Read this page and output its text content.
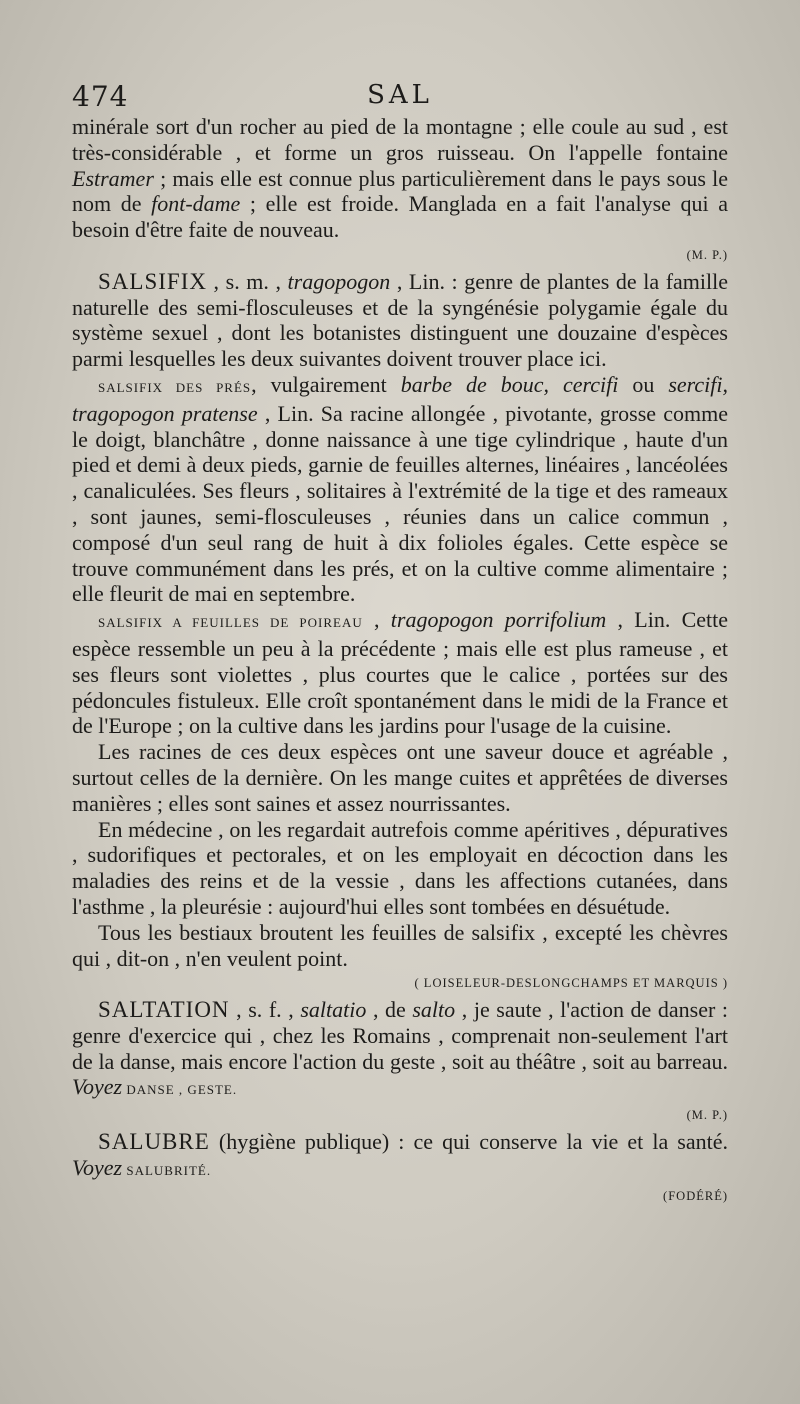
474	SAL

minérale sort d'un rocher au pied de la montagne ; elle coule au sud , est très-considérable , et forme un gros ruisseau. On l'appelle fontaine Estramer ; mais elle est connue plus particulièrement dans le pays sous le nom de font-dame ; elle est froide. Manglada en a fait l'analyse qui a besoin d'être faite de nouveau.

(M. P.)

SALSIFIX , s. m. , tragopogon , Lin. : genre de plantes de la famille naturelle des semi-flosculeuses et de la syngénésie polygamie égale du système sexuel , dont les botanistes distinguent une douzaine d'espèces parmi lesquelles les deux suivantes doivent trouver place ici.

SALSIFIX DES PRÉS, vulgairement barbe de bouc, cercifi ou sercifi, tragopogon pratense , Lin. Sa racine allongée , pivotante, grosse comme le doigt, blanchâtre , donne naissance à une tige cylindrique , haute d'un pied et demi à deux pieds, garnie de feuilles alternes, linéaires , lancéolées , canaliculées. Ses fleurs , solitaires à l'extrémité de la tige et des rameaux , sont jaunes, semi-flosculeuses , réunies dans un calice commun , composé d'un seul rang de huit à dix folioles égales. Cette espèce se trouve communément dans les prés, et on la cultive comme alimentaire ; elle fleurit de mai en septembre.

SALSIFIX A FEUILLES DE POIREAU , tragopogon porrifolium , Lin. Cette espèce ressemble un peu à la précédente ; mais elle est plus rameuse , et ses fleurs sont violettes , plus courtes que le calice , portées sur des pédoncules fistuleux. Elle croît spontanément dans le midi de la France et de l'Europe ; on la cultive dans les jardins pour l'usage de la cuisine.

Les racines de ces deux espèces ont une saveur douce et agréable , surtout celles de la dernière. On les mange cuites et apprêtées de diverses manières ; elles sont saines et assez nourrissantes.

En médecine , on les regardait autrefois comme apéritives , dépuratives , sudorifiques et pectorales, et on les employait en décoction dans les maladies des reins et de la vessie , dans les affections cutanées, dans l'asthme , la pleurésie : aujourd'hui elles sont tombées en désuétude.

Tous les bestiaux broutent les feuilles de salsifix , excepté les chèvres qui , dit-on , n'en veulent point.

( LOISELEUR-DESLONGCHAMPS ET MARQUIS )

SALTATION , s. f. , saltatio , de salto , je saute , l'action de danser : genre d'exercice qui , chez les Romains , comprenait non-seulement l'art de la danse, mais encore l'action du geste , soit au théâtre , soit au barreau. Voyez DANSE , GESTE.

(M. P.)

SALUBRE (hygiène publique) : ce qui conserve la vie et la santé. Voyez SALUBRITÉ.

(FODÉRÉ)
